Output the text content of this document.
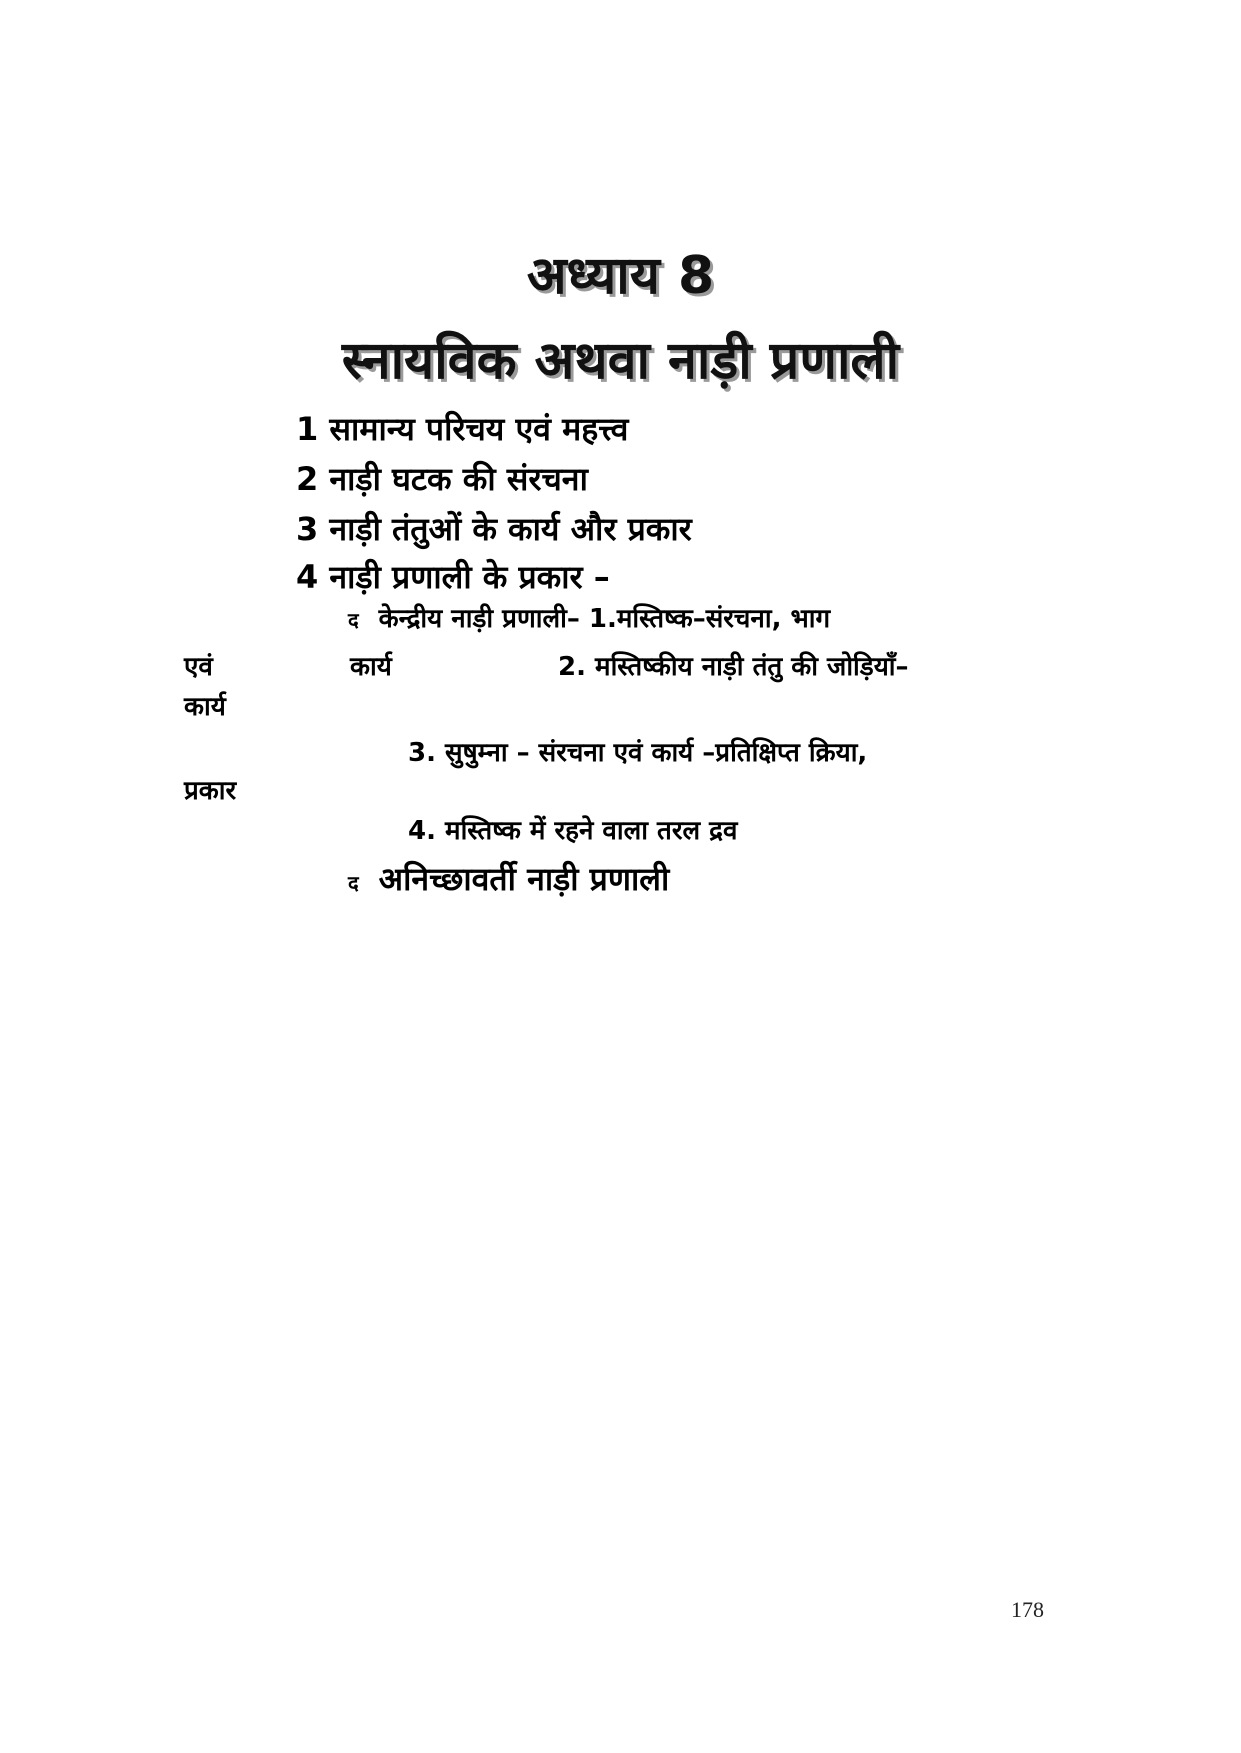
अध्याय 8
स्नायविक अथवा नाड़ी प्रणाली
1 सामान्य परिचय एवं महत्त्व
2 नाड़ी घटक की संरचना
3 नाड़ी तंतुओं के कार्य और प्रकार
4 नाड़ी प्रणाली के प्रकार –
द केन्द्रीय नाड़ी प्रणाली– 1.मस्तिष्क–संरचना, भाग
एवं	कार्य	2. मस्तिष्कीय नाड़ी तंतु की जोड़ियाँ–
कार्य
3. सुषुम्ना – संरचना एवं कार्य –प्रतिक्षिप्त क्रिया,
प्रकार
4. मस्तिष्क में रहने वाला तरल द्रव
द अनिच्छावर्ती नाड़ी प्रणाली
178
